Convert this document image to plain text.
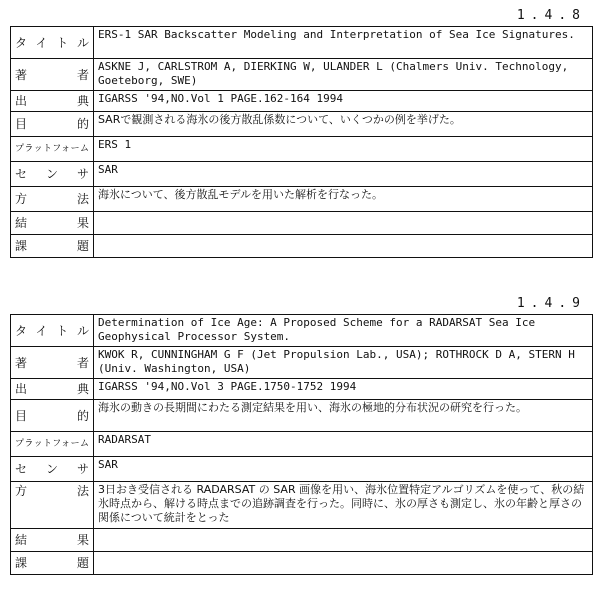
1.4.8
タイトル	ERS-1 SAR Backscatter Modeling and Interpretation of Sea Ice Signatures.
著者	ASKNE J, CARLSTROM A, DIERKING W, ULANDER L (Chalmers Univ. Technology, Goeteborg, SWE)
出典	IGARSS '94,NO.Vol 1 PAGE.162-164 1994
目的	SARで観測される海氷の後方散乱係数について、いくつかの例を挙げた。
プラットフォーム	ERS 1
センサ	SAR
方法	海氷について、後方散乱モデルを用いた解析を行なった。
結果	
課題	
1.4.9
タイトル	Determination of Ice Age: A Proposed Scheme for a RADARSAT Sea Ice Geophysical Processor System.
著者	KWOK R, CUNNINGHAM G F (Jet Propulsion Lab., USA); ROTHROCK D A, STERN H (Univ. Washington, USA)
出典	IGARSS '94,NO.Vol 3 PAGE.1750-1752 1994
目的	海氷の動きの長期間にわたる測定結果を用い、海氷の極地的分布状況の研究を行った。
プラットフォーム	RADARSAT
センサ	SAR
方法	3日おき受信される RADARSAT の SAR 画像を用い、海氷位置特定アルゴリズムを使って、秋の結氷時点から、解ける時点までの追跡調査を行った。同時に、氷の厚さも測定し、氷の年齢と厚さの関係について統計をとった
結果	
課題	
